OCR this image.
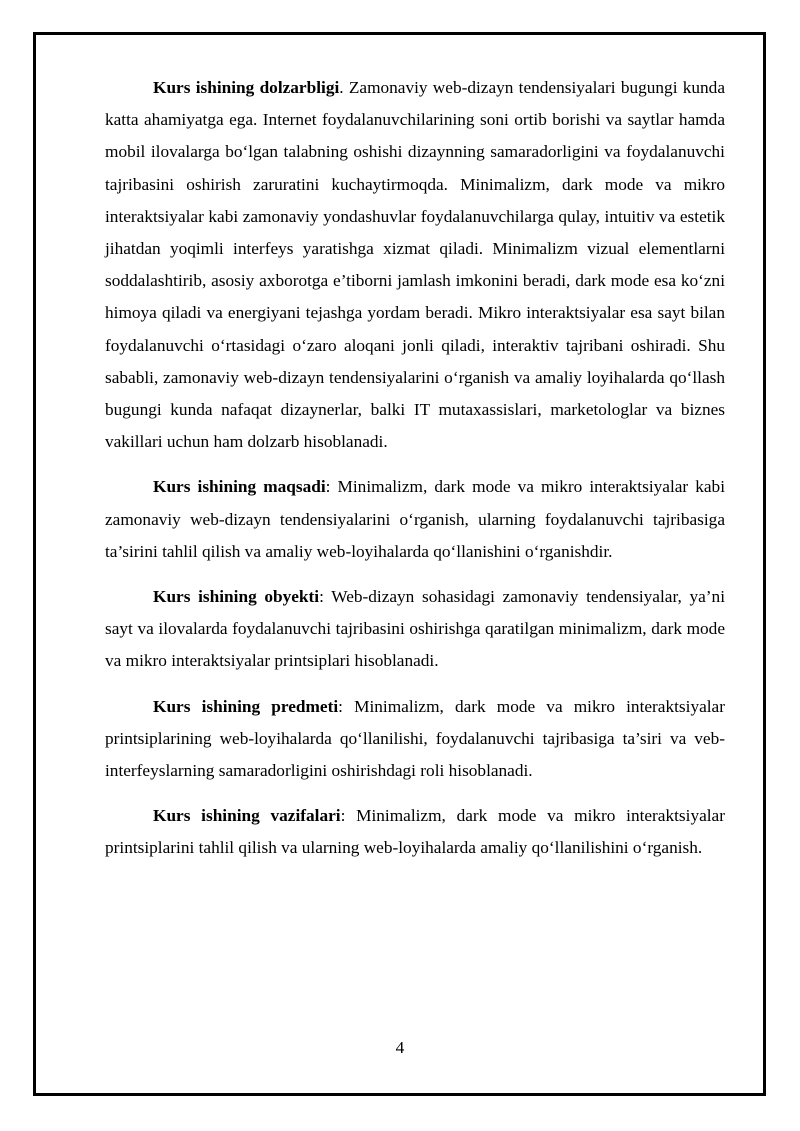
Kurs ishining dolzarbligi. Zamonaviy web-dizayn tendensiyalari bugungi kunda katta ahamiyatga ega. Internet foydalanuvchilarining soni ortib borishi va saytlar hamda mobil ilovalarga bo‘lgan talabning oshishi dizaynning samaradorligini va foydalanuvchi tajribasini oshirish zaruratini kuchaytirmoqda. Minimalizm, dark mode va mikro interaktsiyalar kabi zamonaviy yondashuvlar foydalanuvchilarga qulay, intuitiv va estetik jihatdan yoqimli interfeys yaratishga xizmat qiladi. Minimalizm vizual elementlarni soddalashtirib, asosiy axborotga e’tiborni jamlash imkonini beradi, dark mode esa ko‘zni himoya qiladi va energiyani tejashga yordam beradi. Mikro interaktsiyalar esa sayt bilan foydalanuvchi o‘rtasidagi o‘zaro aloqani jonli qiladi, interaktiv tajribani oshiradi. Shu sababli, zamonaviy web-dizayn tendensiyalarini o‘rganish va amaliy loyihalarda qo‘llash bugungi kunda nafaqat dizaynerlar, balki IT mutaxassislari, marketologlar va biznes vakillari uchun ham dolzarb hisoblanadi.

Kurs ishining maqsadi: Minimalizm, dark mode va mikro interaktsiyalar kabi zamonaviy web-dizayn tendensiyalarini o‘rganish, ularning foydalanuvchi tajribasiga ta’sirini tahlil qilish va amaliy web-loyihalarda qo‘llanishini o‘rganishdir.

Kurs ishining obyekti: Web-dizayn sohasidagi zamonaviy tendensiyalar, ya’ni sayt va ilovalarda foydalanuvchi tajribasini oshirishga qaratilgan minimalizm, dark mode va mikro interaktsiyalar printsiplari hisoblanadi.

Kurs ishining predmeti: Minimalizm, dark mode va mikro interaktsiyalar printsiplarining web-loyihalarda qo‘llanilishi, foydalanuvchi tajribasiga ta’siri va veb-interfeyslarning samaradorligini oshirishdagi roli hisoblanadi.

Kurs ishining vazifalari: Minimalizm, dark mode va mikro interaktsiyalar printsiplarini tahlil qilish va ularning web-loyihalarda amaliy qo‘llanilishini o‘rganish.

4
